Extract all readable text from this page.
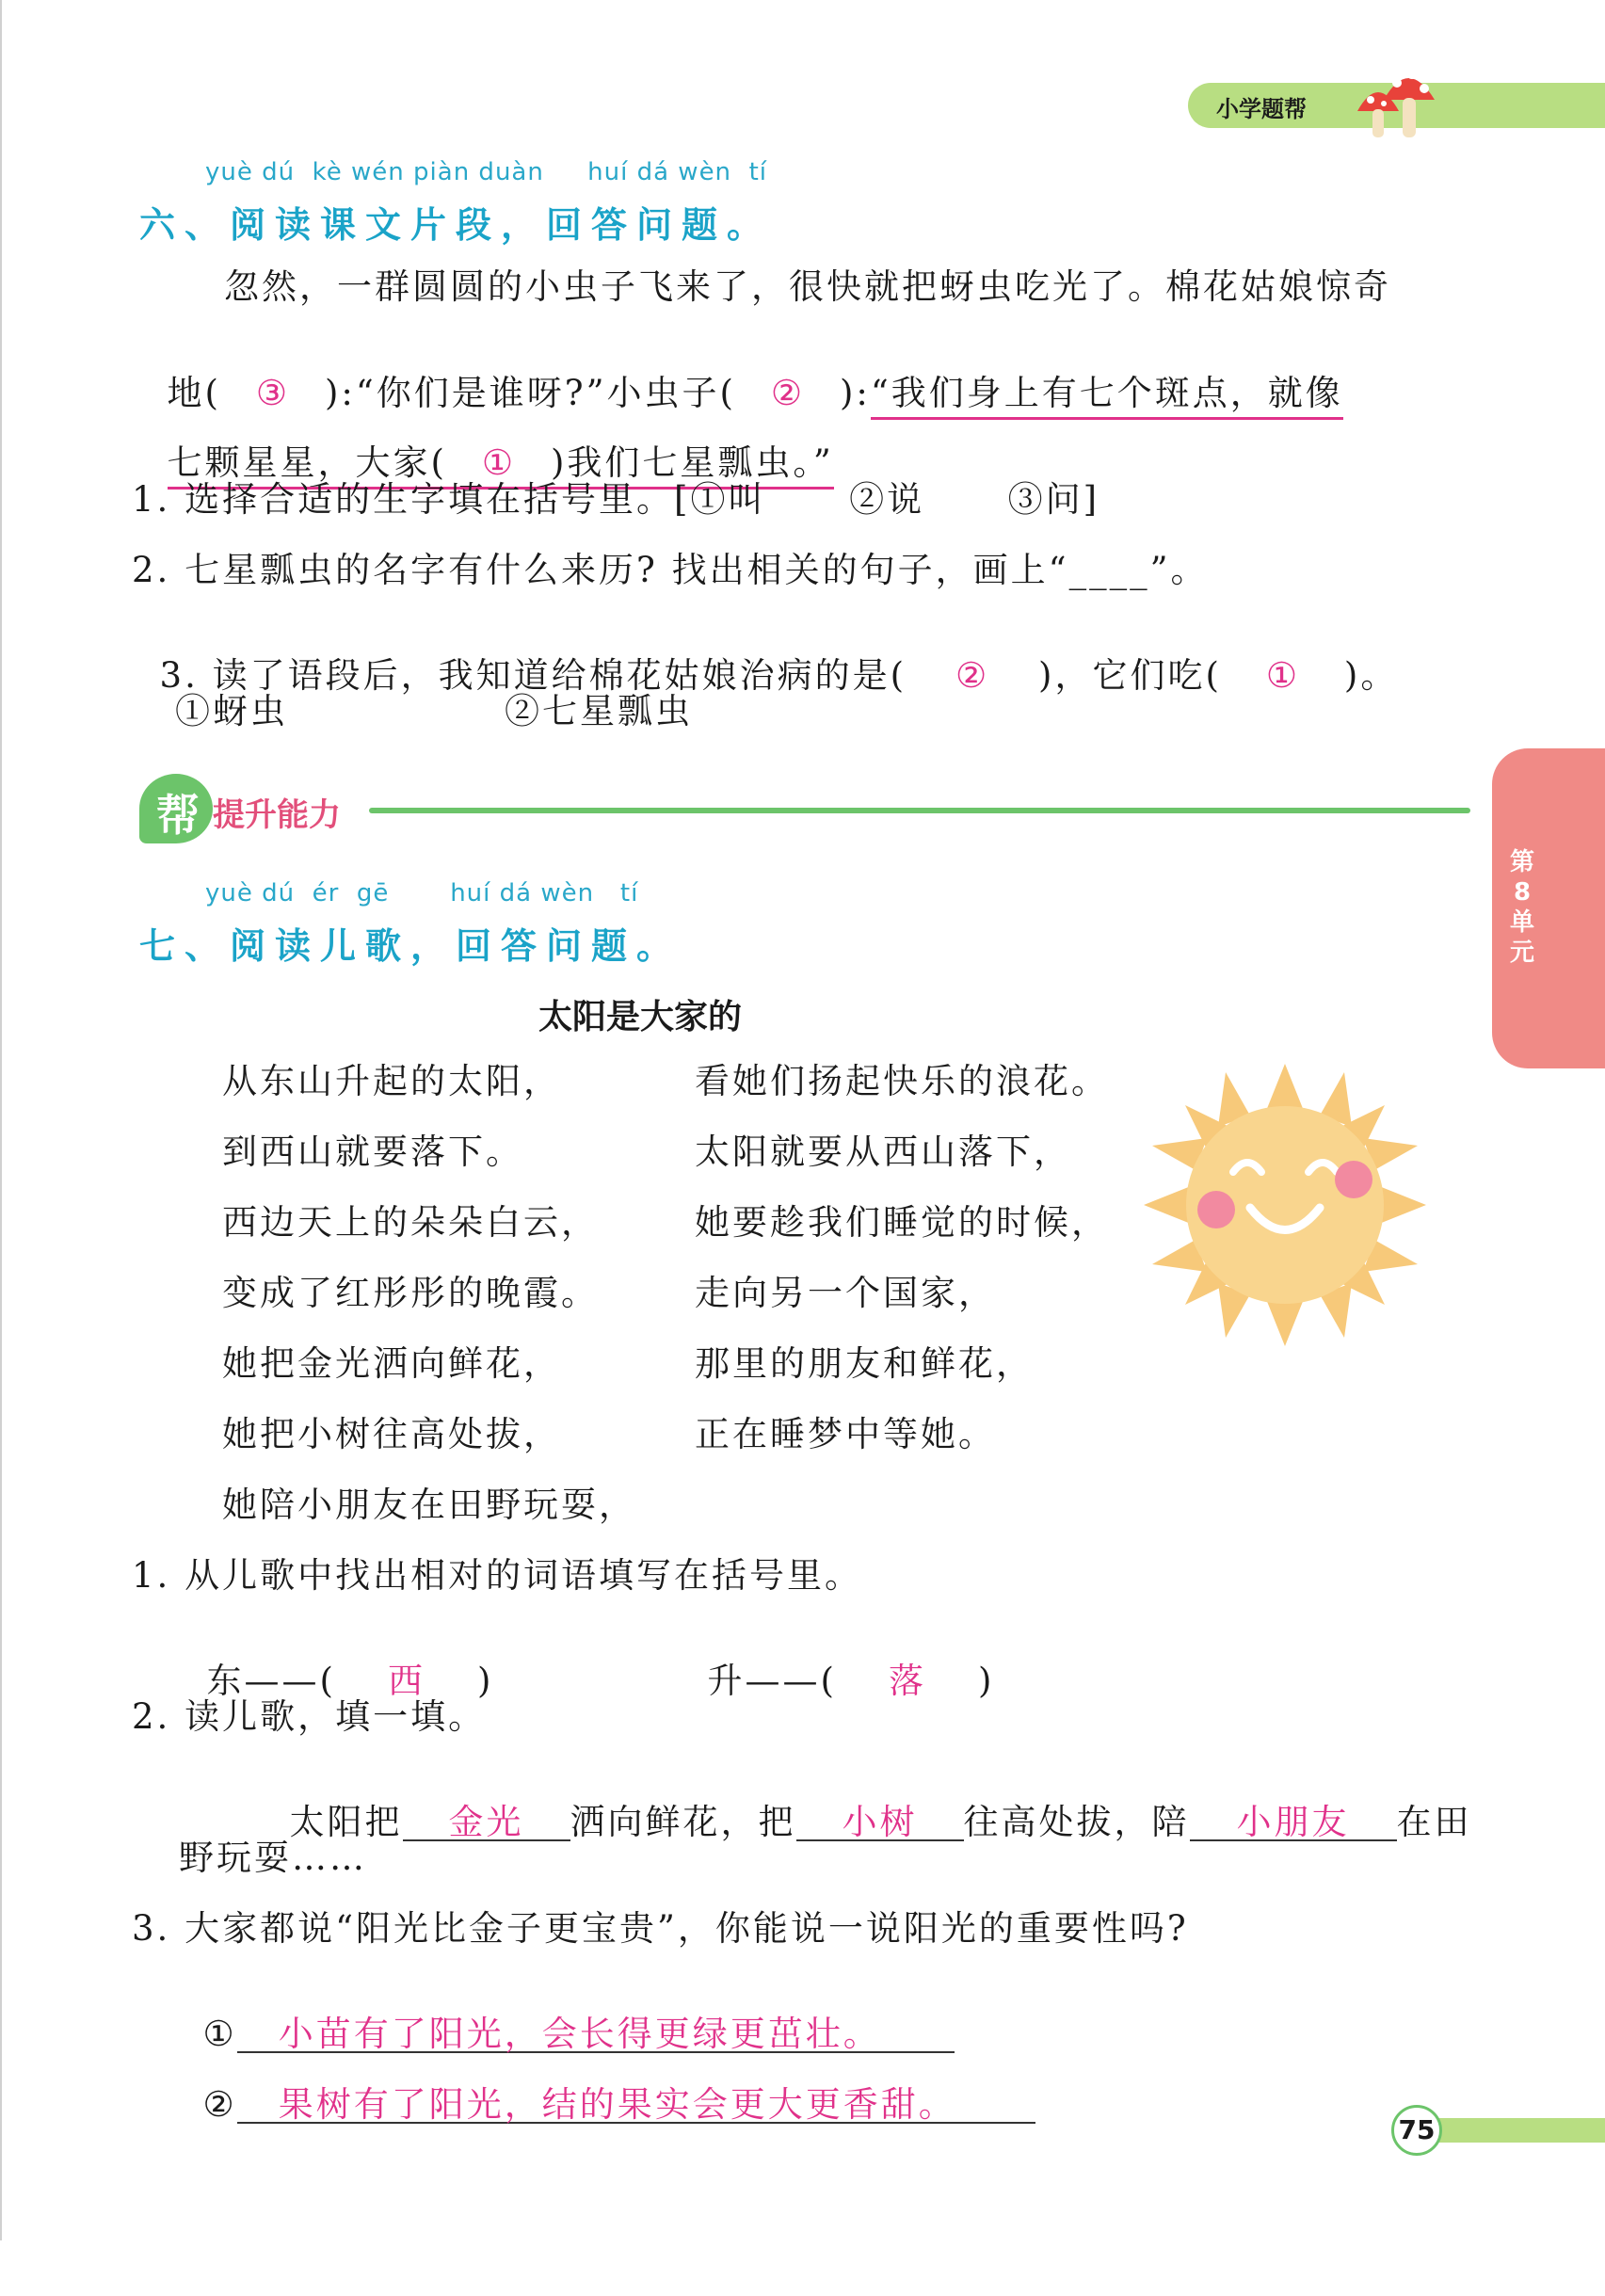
小学题帮
第8单元
yuè dú  kè wén piàn duàn     huí dá wèn  tí
六、阅读课文片段，回答问题。
忽然，一群圆圆的小虫子飞来了，很快就把蚜虫吃光了。棉花姑娘惊奇

地( ③ ):“你们是谁呀?”小虫子( ② ):“我们身上有七个斑点，就像

七颗星星，大家( ① )我们七星瓢虫。”

1. 选择合适的生字填在括号里。[①叫      ②说      ③问]
2. 七星瓢虫的名字有什么来历? 找出相关的句子，画上“____”。

3. 读了语段后，我知道给棉花姑娘治病的是( ② )，它们吃( ① )。

①蚜虫	②七星瓢虫
帮 提升能力
yuè dú  ér  gē       huí dá wèn   tí
七、阅读儿歌，回答问题。
太阳是大家的
从东山升起的太阳，
到西山就要落下。
西边天上的朵朵白云，
变成了红彤彤的晚霞。
她把金光洒向鲜花，
她把小树往高处拔，
她陪小朋友在田野玩耍，
看她们扬起快乐的浪花。
太阳就要从西山落下，
她要趁我们睡觉的时候，
走向另一个国家，
那里的朋友和鲜花，
正在睡梦中等她。
1. 从儿歌中找出相对的词语填写在括号里。

东——( 西 )	升——( 落 )

2. 读儿歌，填一填。

太阳把 金光 洒向鲜花，把 小树 往高处拔，陪 小朋友 在田

野玩耍……
3. 大家都说“阳光比金子更宝贵”，你能说一说阳光的重要性吗?

① 小苗有了阳光，会长得更绿更茁壮。

② 果树有了阳光，结的果实会更大更香甜。

75
